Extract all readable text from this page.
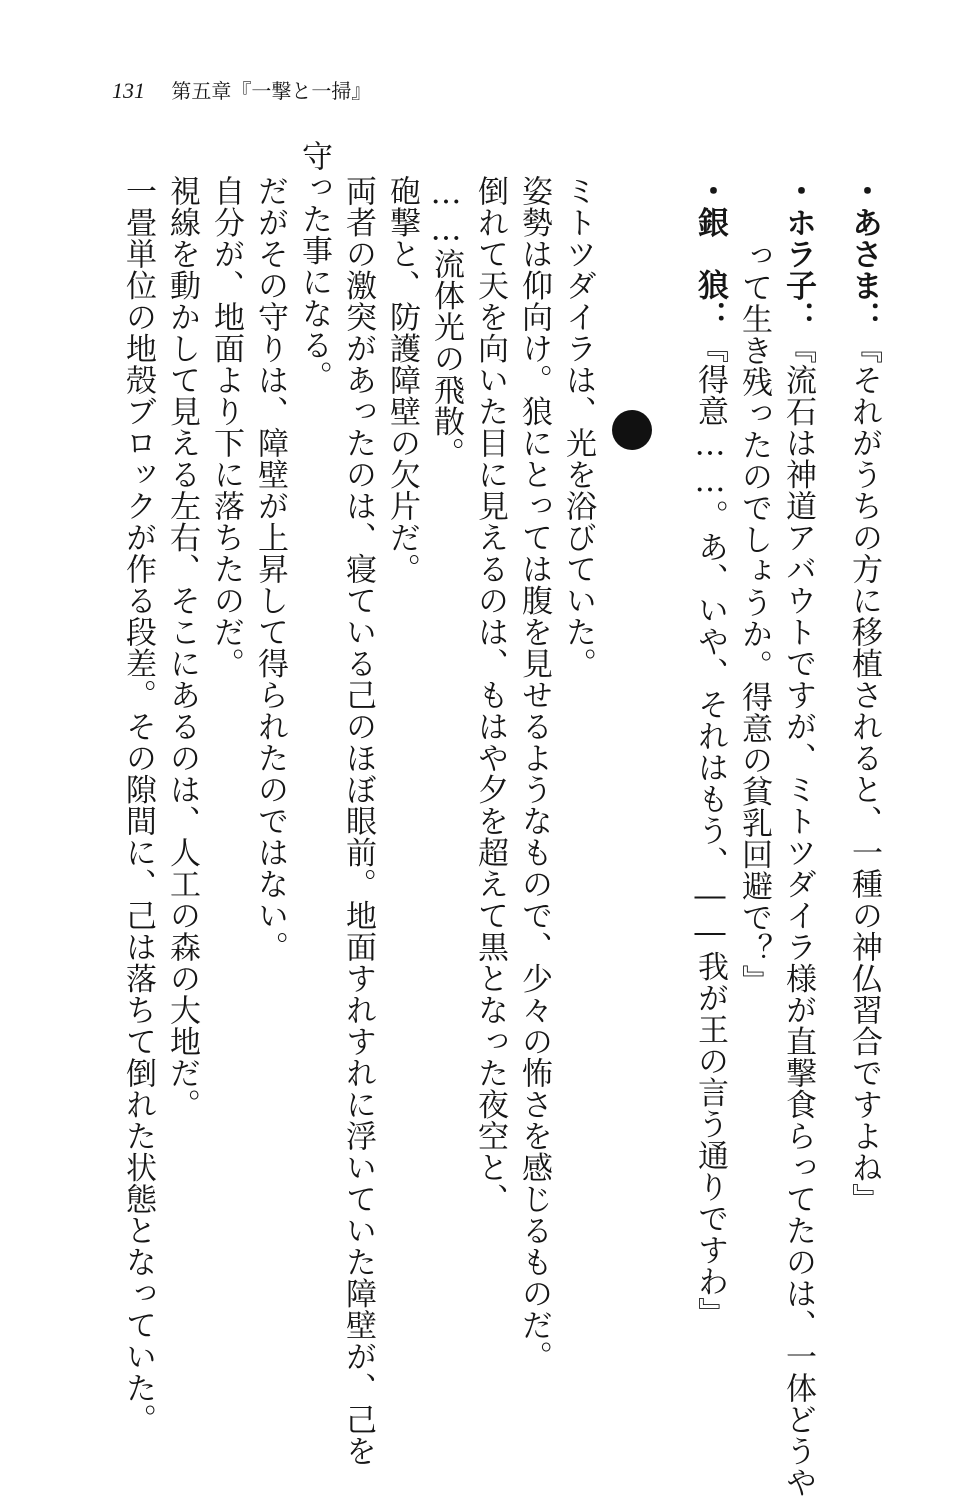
131 第五章『一撃と一掃』
・あさま：『それがうちの方に移植されると、一種の神仏習合ですよね』
・ホラ子：『流石は神道アバウトですが、ミトツダイラ様が直撃食らってたのは、一体どうや
って生き残ったのでしょうか。得意の貧乳回避で？』
・銀狼：『得意……。あ、いや、それはもう、――我が王の言う通りですわ』
ミトツダイラは、光を浴びていた。
姿勢は仰向け。狼にとっては腹を見せるようなもので、少々の怖さを感じるものだ。
倒れて天を向いた目に見えるのは、もはや夕を超えて黒となった夜空と、
……流体光の飛散。
砲撃と、防護障壁の欠片だ。
両者の激突があったのは、寝ている己のほぼ眼前。地面すれすれに浮いていた障壁が、己を
守った事になる。
だがその守りは、障壁が上昇して得られたのではない。
自分が、地面より下に落ちたのだ。
視線を動かして見える左右、そこにあるのは、人工の森の大地だ。
一畳単位の地殻ブロックが作る段差。その隙間に、己は落ちて倒れた状態となっていた。
